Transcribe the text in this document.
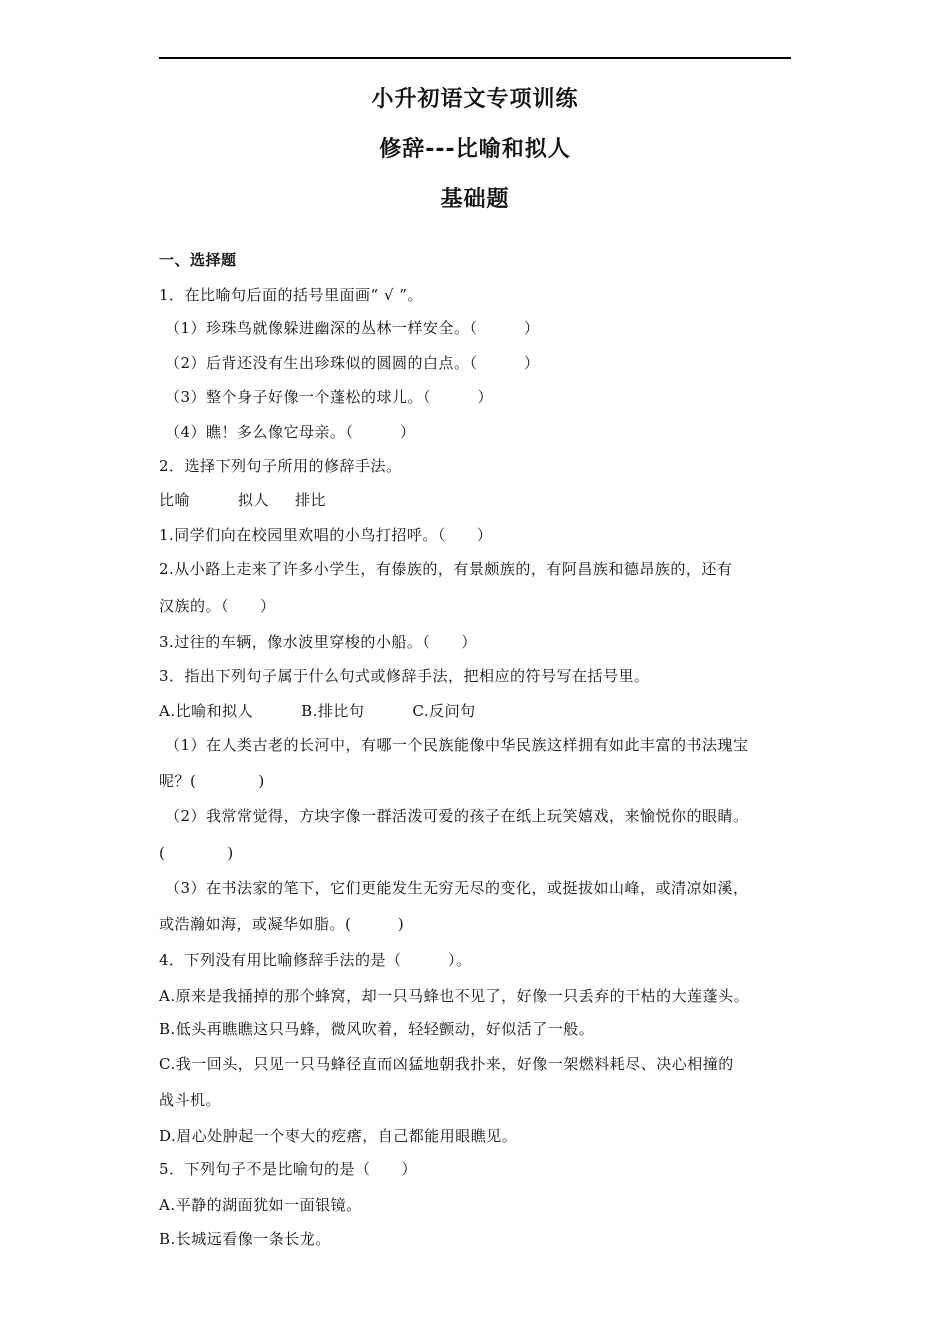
小升初语文专项训练
修辞---比喻和拟人
基础题
一、选择题
1．在比喻句后面的括号里面画“ √ ”。
（1）珍珠鸟就像躲进幽深的丛林一样安全。（　　　）
（2）后背还没有生出珍珠似的圆圆的白点。（　　　）
（3）整个身子好像一个蓬松的球儿。（　　　）
（4）瞧！多么像它母亲。（　　　）
2．选择下列句子所用的修辞手法。
比喻	拟人 排比
1.同学们向在校园里欢唱的小鸟打招呼。（　　）
2.从小路上走来了许多小学生，有傣族的，有景颇族的，有阿昌族和德昂族的，还有
汉族的。（　　）
3.过往的车辆，像水波里穿梭的小船。（　　）
3．指出下列句子属于什么句式或修辞手法，把相应的符号写在括号里。
A.比喻和拟人	B.排比句	C.反问句
（1）在人类古老的长河中，有哪一个民族能像中华民族这样拥有如此丰富的书法瑰宝
呢？(　　　　)
（2）我常常觉得，方块字像一群活泼可爱的孩子在纸上玩笑嬉戏，来愉悦你的眼睛。
(　　　　)
（3）在书法家的笔下，它们更能发生无穷无尽的变化，或挺拔如山峰，或清凉如溪，
或浩瀚如海，或凝华如脂。(　　　)
4．下列没有用比喻修辞手法的是（　　　）。
A.原来是我捅掉的那个蜂窝，却一只马蜂也不见了，好像一只丢弃的干枯的大莲蓬头。
B.低头再瞧瞧这只马蜂，微风吹着，轻轻颤动，好似活了一般。
C.我一回头，只见一只马蜂径直而凶猛地朝我扑来，好像一架燃料耗尽、决心相撞的
战斗机。
D.眉心处肿起一个枣大的疙瘩，自己都能用眼瞧见。
5．下列句子不是比喻句的是（　　）
A.平静的湖面犹如一面银镜。
B.长城远看像一条长龙。
